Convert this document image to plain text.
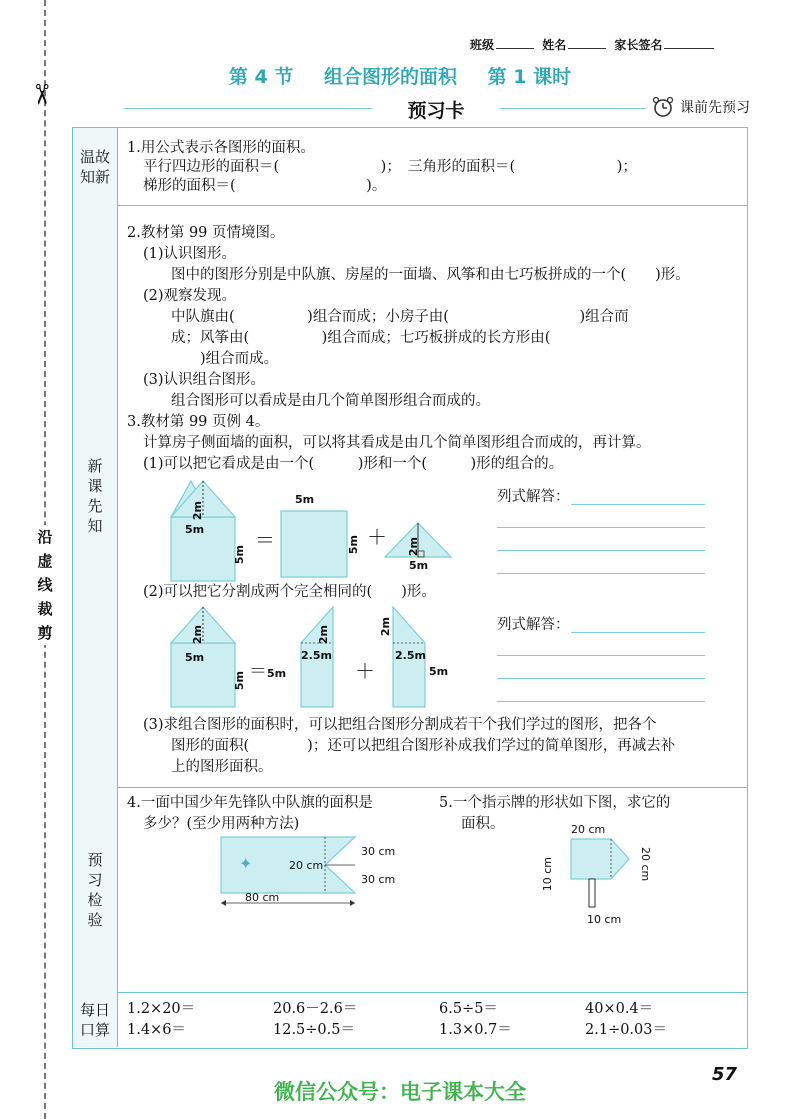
✂
沿
虚
线
裁
剪
班级	姓名	家长签名
第 4 节 组合图形的面积 第 1 课时
预习卡	课前先预习
温故
知新
1.用公式表示各图形的面积。
平行四边形的面积＝(　　　　　　　)；　三角形的面积＝(　　　　　　　)；
梯形的面积＝(　　　　　　　　　)。
新
课
先
知
2.教材第 99 页情境图。
(1)认识图形。
图中的图形分别是中队旗、房屋的一面墙、风筝和由七巧板拼成的一个(　　)形。
(2)观察发现。
中队旗由(　　　　　)组合而成；小房子由(　　　　　　　　　)组合而
成；风筝由(　　　　　)组合而成；七巧板拼成的长方形由(　　　　　　　
　　)组合而成。
(3)认识组合图形。
组合图形可以看成是由几个简单图形组合而成的。
3.教材第 99 页例 4。
计算房子侧面墙的面积，可以将其看成是由几个简单图形组合而成的，再计算。
(1)可以把它看成是由一个(　　　)形和一个(　　　)形的组合的。
2m
5m
5m
＝
5m
5m ＋ 2m
5m
列式解答：
(2)可以把它分割成两个完全相同的(　　)形。
2m
5m
5m ＝ 5m
2m
2.5m
＋
2m
2.5m
5m
列式解答：
(3)求组合图形的面积时，可以把组合图形分割成若干个我们学过的图形，把各个
图形的面积(　　　　)；还可以把组合图形补成我们学过的简单图形，再减去补
上的图形面积。
预
习
检
验
4.一面中国少年先锋队中队旗的面积是
多少？(至少用两种方法)
✦
30 cm
20 cm
30 cm
80 cm
5.一个指示牌的形状如下图，求它的
面积。	20 cm
10 cm	20 cm
10 cm
每日
口算
1.2×20＝	20.6－2.6＝	6.5÷5＝	40×0.4＝
1.4×6＝	12.5÷0.5＝	1.3×0.7＝	2.1÷0.03＝
57
微信公众号：电子课本大全
